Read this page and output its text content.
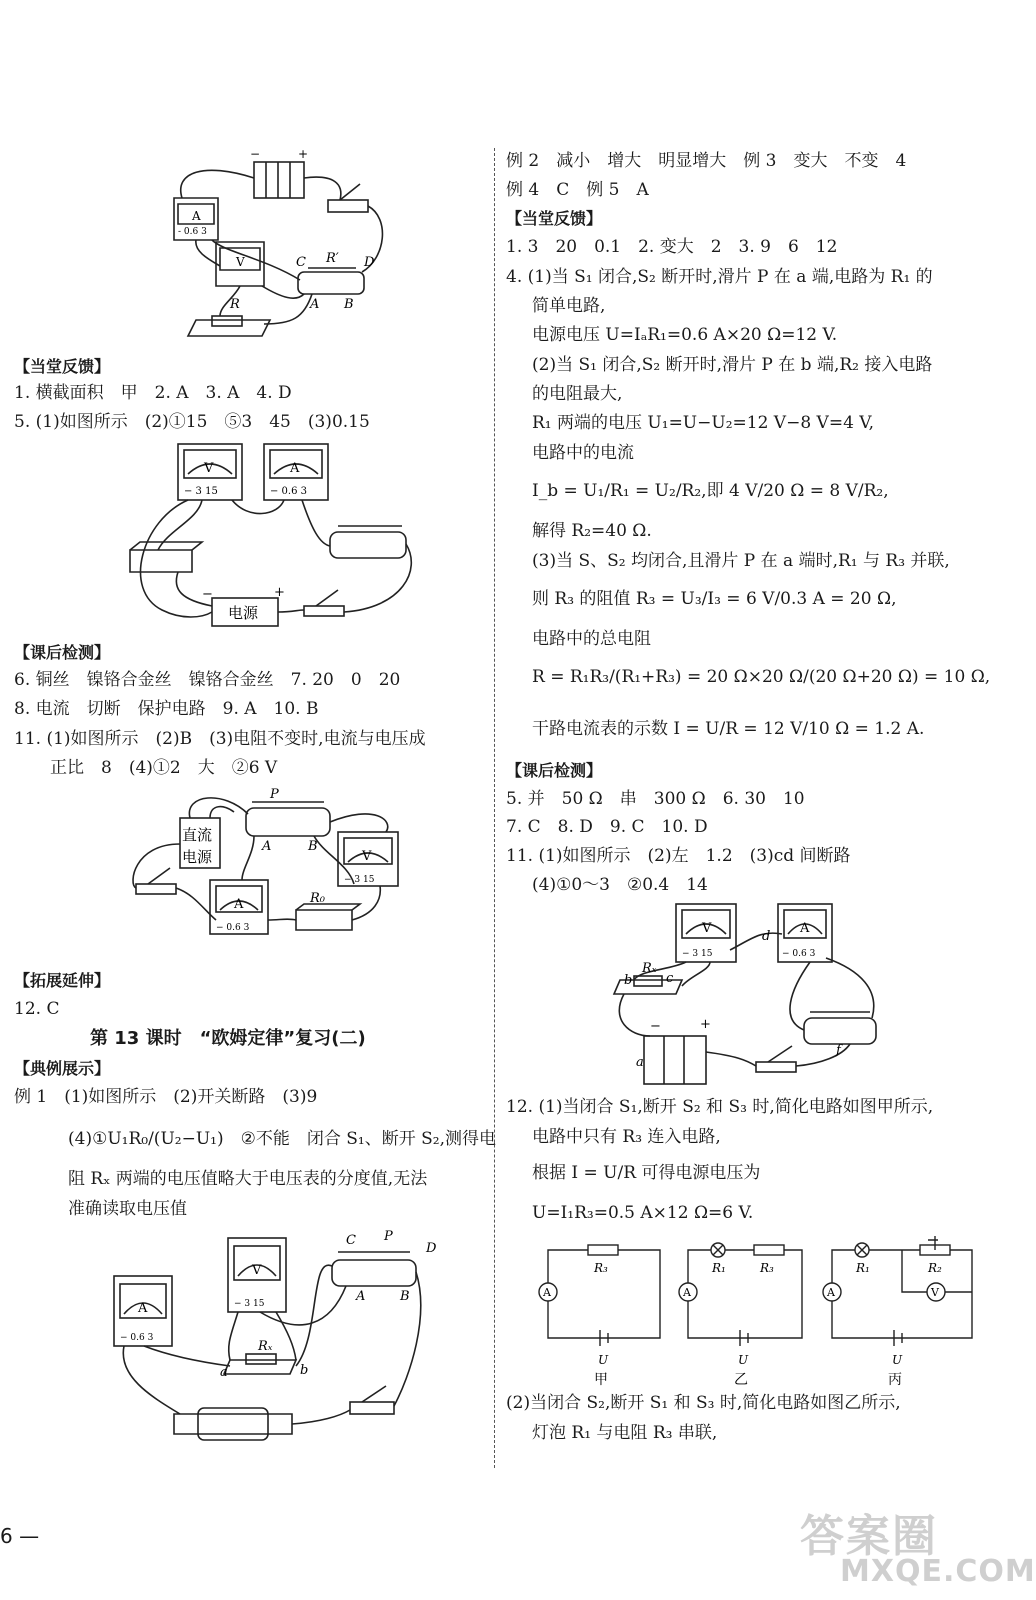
−	+
A
- 0.6 3
V	C R′ D
A B
R
【当堂反馈】
1. 横截面积　甲　2. A　3. A　4. D
5. (1)如图所示　(2)①15　⑤3　45　(3)0.15
V	A
− 3 15	− 0.6 3
电源
−	+
【课后检测】
6. 铜丝　镍铬合金丝　镍铬合金丝　7. 20　0　20
8. 电流　切断　保护电路　9. A　10. B
11. (1)如图所示　(2)B　(3)电阻不变时,电流与电压成
正比　8　(4)①2　大　②6 V
P
A	B
直流
电源	V
− 3 15
A
− 0.6 3
R₀
【拓展延伸】
12. C
第 13 课时　“欧姆定律”复习(二)
【典例展示】
例 1　(1)如图所示　(2)开关断路　(3)9
(4)①U₁R₀/(U₂−U₁)　②不能　闭合 S₁、断开 S₂,测得电
阻 Rₓ 两端的电压值略大于电压表的分度值,无法
准确读取电压值
C P
D
A	B
V
− 3 15
A
− 0.6 3
Rₓ
a	b
例 2　减小　增大　明显增大　例 3　变大　不变　4
例 4　C　例 5　A
【当堂反馈】
1. 3　20　0.1　2. 变大　2　3. 9　6　12
4. (1)当 S₁ 闭合,S₂ 断开时,滑片 P 在 a 端,电路为 R₁ 的
简单电路,
电源电压 U=IₐR₁=0.6 A×20 Ω=12 V.
(2)当 S₁ 闭合,S₂ 断开时,滑片 P 在 b 端,R₂ 接入电路
的电阻最大,
R₁ 两端的电压 U₁=U−U₂=12 V−8 V=4 V,
电路中的电流
I_b = U₁/R₁ = U₂/R₂,即 4 V/20 Ω = 8 V/R₂,
解得 R₂=40 Ω.
(3)当 S、S₂ 均闭合,且滑片 P 在 a 端时,R₁ 与 R₃ 并联,
则 R₃ 的阻值 R₃ = U₃/I₃ = 6 V/0.3 A = 20 Ω,
电路中的总电阻
R = R₁R₃/(R₁+R₃) = 20 Ω×20 Ω/(20 Ω+20 Ω) = 10 Ω,
干路电流表的示数 I = U/R = 12 V/10 Ω = 1.2 A.
【课后检测】
5. 并　50 Ω　串　300 Ω　6. 30　10
7. C　8. D　9. C　10. D
11. (1)如图所示　(2)左　1.2　(3)cd 间断路
(4)①0～3　②0.4　14
V
− 3 15
A
− 0.6 3
d
b
Rₓ
c
−	+
a
f
12. (1)当闭合 S₁,断开 S₂ 和 S₃ 时,简化电路如图甲所示,
电路中只有 R₃ 连入电路,
根据 I = U/R 可得电源电压为
U=I₁R₃=0.5 A×12 Ω=6 V.
R₃
A
U
甲
R₁	R₃
A
U
乙
R₁	R₂
A	V
U
丙
(2)当闭合 S₂,断开 S₁ 和 S₃ 时,简化电路如图乙所示,
灯泡 R₁ 与电阻 R₃ 串联,
6 —	答案圈
MXQE.COM
